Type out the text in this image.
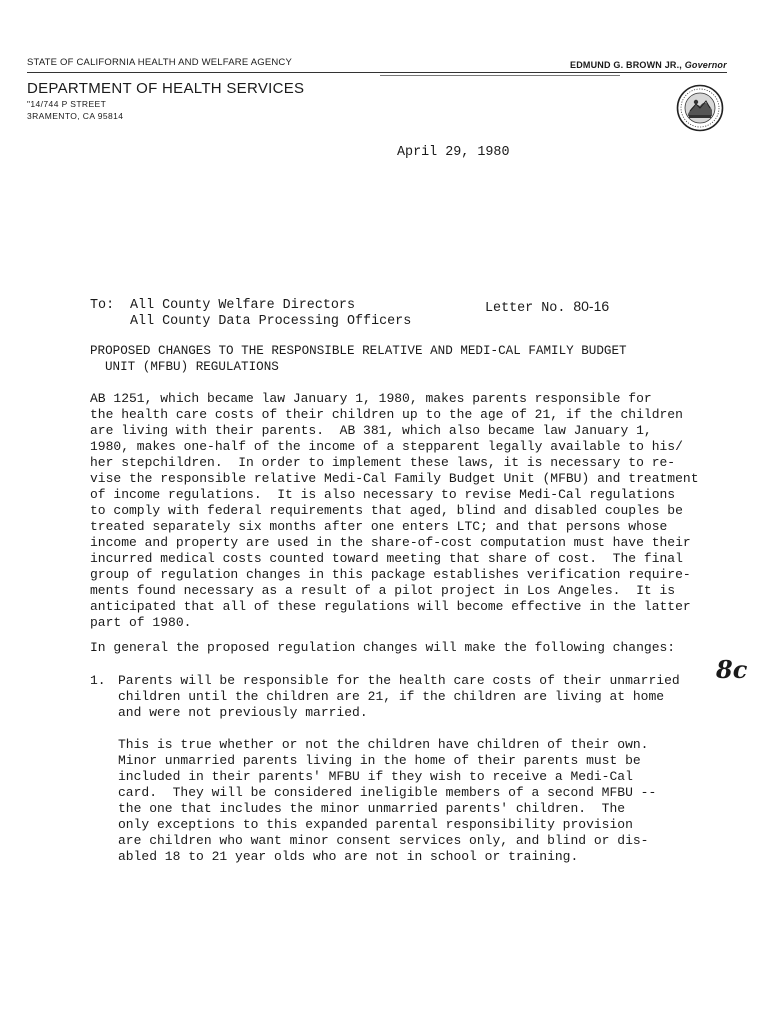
STATE OF CALIFORNIA HEALTH AND WELFARE AGENCY	EDMUND G. BROWN JR., Governor
DEPARTMENT OF HEALTH SERVICES
"14/744 P STREET
3RAMENTO, CA 95814
April 29, 1980
To: All County Welfare Directors
All County Data Processing Officers
Letter No. 80-16
PROPOSED CHANGES TO THE RESPONSIBLE RELATIVE AND MEDI-CAL FAMILY BUDGET
UNIT (MFBU) REGULATIONS
AB 1251, which became law January 1, 1980, makes parents responsible for
the health care costs of their children up to the age of 21, if the children
are living with their parents.  AB 381, which also became law January 1,
1980, makes one-half of the income of a stepparent legally available to his/
her stepchildren.  In order to implement these laws, it is necessary to re-
vise the responsible relative Medi-Cal Family Budget Unit (MFBU) and treatment
of income regulations.  It is also necessary to revise Medi-Cal regulations
to comply with federal requirements that aged, blind and disabled couples be
treated separately six months after one enters LTC; and that persons whose
income and property are used in the share-of-cost computation must have their
incurred medical costs counted toward meeting that share of cost.  The final
group of regulation changes in this package establishes verification require-
ments found necessary as a result of a pilot project in Los Angeles.  It is
anticipated that all of these regulations will become effective in the latter
part of 1980.
In general the proposed regulation changes will make the following changes:
1. Parents will be responsible for the health care costs of their unmarried
children until the children are 21, if the children are living at home
and were not previously married.
This is true whether or not the children have children of their own.
Minor unmarried parents living in the home of their parents must be
included in their parents' MFBU if they wish to receive a Medi-Cal
card.  They will be considered ineligible members of a second MFBU --
the one that includes the minor unmarried parents' children.  The
only exceptions to this expanded parental responsibility provision
are children who want minor consent services only, and blind or dis-
abled 18 to 21 year olds who are not in school or training.
8c
